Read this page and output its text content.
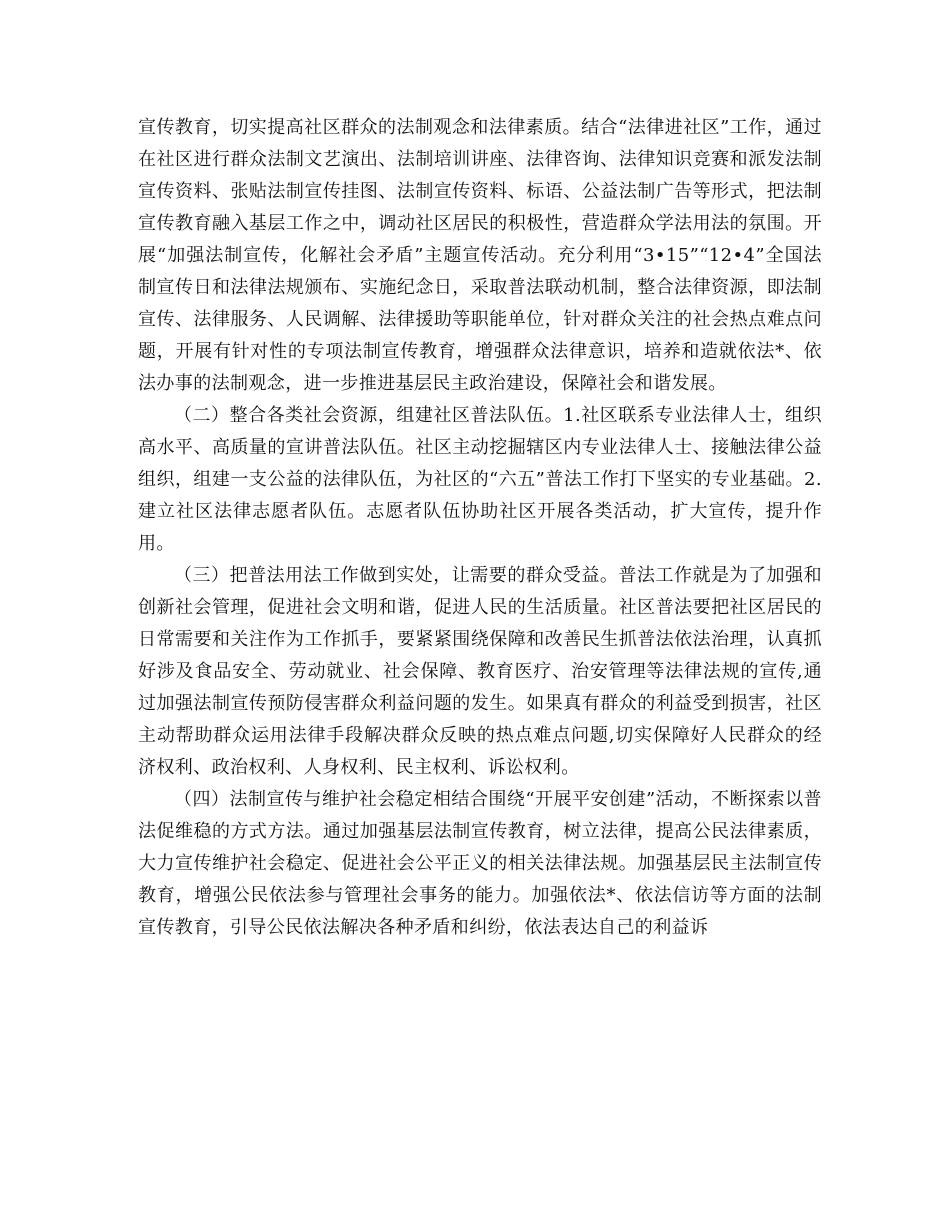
宣传教育，切实提高社区群众的法制观念和法律素质。结合“法律进社区”工作，通过在社区进行群众法制文艺演出、法制培训讲座、法律咨询、法律知识竞赛和派发法制宣传资料、张贴法制宣传挂图、法制宣传资料、标语、公益法制广告等形式，把法制宣传教育融入基层工作之中，调动社区居民的积极性，营造群众学法用法的氛围。开展“加强法制宣传，化解社会矛盾”主题宣传活动。充分利用“3•15”“12•4”全国法制宣传日和法律法规颁布、实施纪念日，采取普法联动机制，整合法律资源，即法制宣传、法律服务、人民调解、法律援助等职能单位，针对群众关注的社会热点难点问题，开展有针对性的专项法制宣传教育，增强群众法律意识，培养和造就依法*、依法办事的法制观念，进一步推进基层民主政治建设，保障社会和谐发展。

（二）整合各类社会资源，组建社区普法队伍。1.社区联系专业法律人士，组织高水平、高质量的宣讲普法队伍。社区主动挖掘辖区内专业法律人士、接触法律公益组织，组建一支公益的法律队伍，为社区的“六五”普法工作打下坚实的专业基础。2.建立社区法律志愿者队伍。志愿者队伍协助社区开展各类活动，扩大宣传，提升作用。

（三）把普法用法工作做到实处，让需要的群众受益。普法工作就是为了加强和创新社会管理，促进社会文明和谐，促进人民的生活质量。社区普法要把社区居民的日常需要和关注作为工作抓手，要紧紧围绕保障和改善民生抓普法依法治理，认真抓好涉及食品安全、劳动就业、社会保障、教育医疗、治安管理等法律法规的宣传,通过加强法制宣传预防侵害群众利益问题的发生。如果真有群众的利益受到损害，社区主动帮助群众运用法律手段解决群众反映的热点难点问题,切实保障好人民群众的经济权利、政治权利、人身权利、民主权利、诉讼权利。

（四）法制宣传与维护社会稳定相结合围绕“开展平安创建”活动，不断探索以普法促维稳的方式方法。通过加强基层法制宣传教育，树立法律，提高公民法律素质，大力宣传维护社会稳定、促进社会公平正义的相关法律法规。加强基层民主法制宣传教育，增强公民依法参与管理社会事务的能力。加强依法*、依法信访等方面的法制宣传教育，引导公民依法解决各种矛盾和纠纷，依法表达自己的利益诉
